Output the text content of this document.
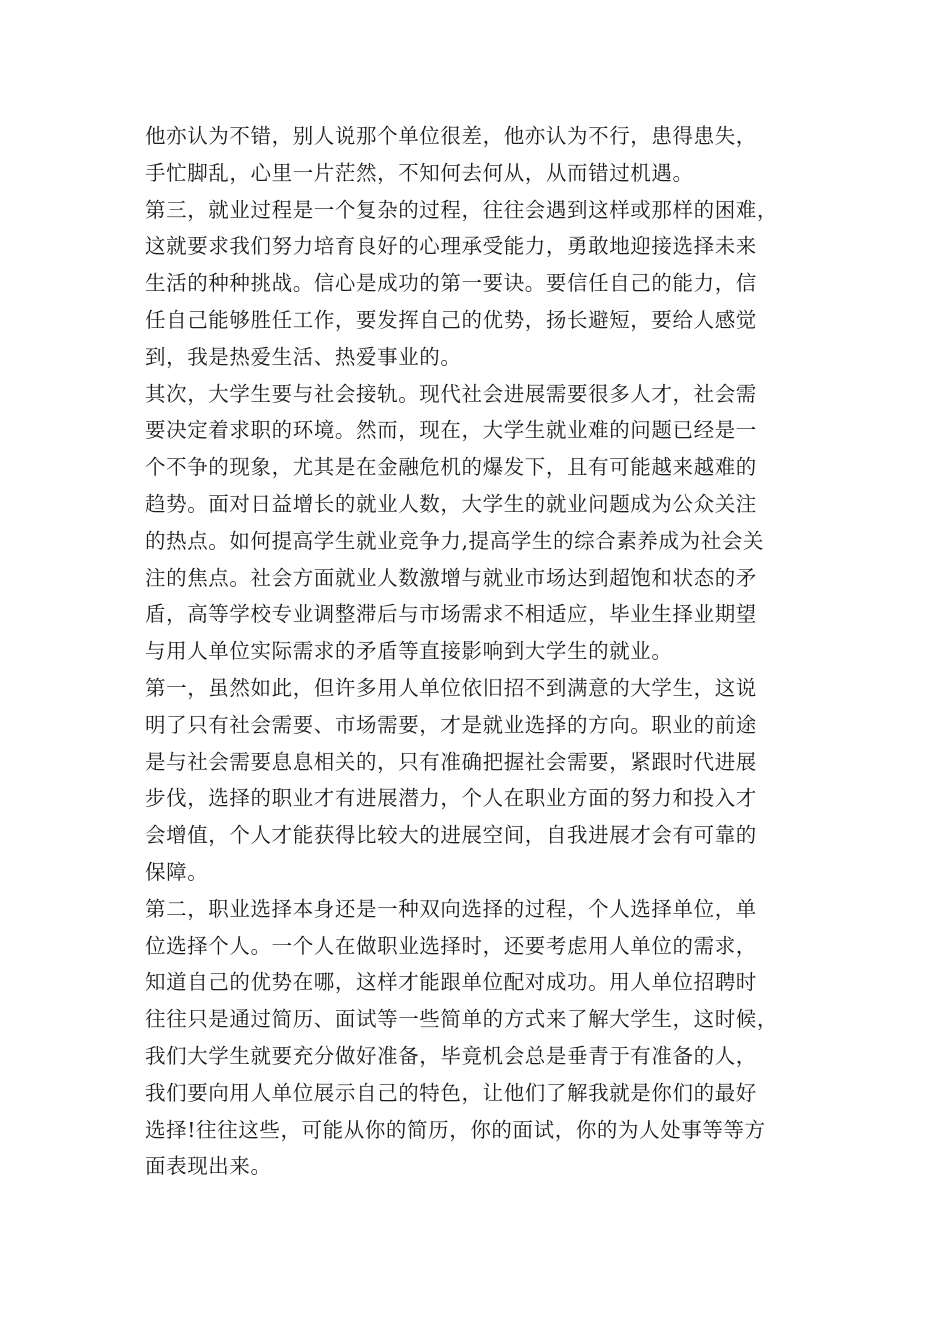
他亦认为不错，别人说那个单位很差，他亦认为不行，患得患失，
手忙脚乱，心里一片茫然，不知何去何从，从而错过机遇。
第三，就业过程是一个复杂的过程，往往会遇到这样或那样的困难，
这就要求我们努力培育良好的心理承受能力，勇敢地迎接选择未来
生活的种种挑战。信心是成功的第一要诀。要信任自己的能力，信
任自己能够胜任工作，要发挥自己的优势，扬长避短，要给人感觉
到，我是热爱生活、热爱事业的。
其次，大学生要与社会接轨。现代社会进展需要很多人才，社会需
要决定着求职的环境。然而，现在，大学生就业难的问题已经是一
个不争的现象，尤其是在金融危机的爆发下，且有可能越来越难的
趋势。面对日益增长的就业人数，大学生的就业问题成为公众关注
的热点。如何提高学生就业竞争力,提高学生的综合素养成为社会关
注的焦点。社会方面就业人数激增与就业市场达到超饱和状态的矛
盾，高等学校专业调整滞后与市场需求不相适应，毕业生择业期望
与用人单位实际需求的矛盾等直接影响到大学生的就业。
第一，虽然如此，但许多用人单位依旧招不到满意的大学生，这说
明了只有社会需要、市场需要，才是就业选择的方向。职业的前途
是与社会需要息息相关的，只有准确把握社会需要，紧跟时代进展
步伐，选择的职业才有进展潜力，个人在职业方面的努力和投入才
会增值，个人才能获得比较大的进展空间，自我进展才会有可靠的
保障。
第二，职业选择本身还是一种双向选择的过程，个人选择单位，单
位选择个人。一个人在做职业选择时，还要考虑用人单位的需求，
知道自己的优势在哪，这样才能跟单位配对成功。用人单位招聘时
往往只是通过简历、面试等一些简单的方式来了解大学生，这时候，
我们大学生就要充分做好准备，毕竟机会总是垂青于有准备的人，
我们要向用人单位展示自己的特色，让他们了解我就是你们的最好
选择!往往这些，可能从你的简历，你的面试，你的为人处事等等方
面表现出来。
